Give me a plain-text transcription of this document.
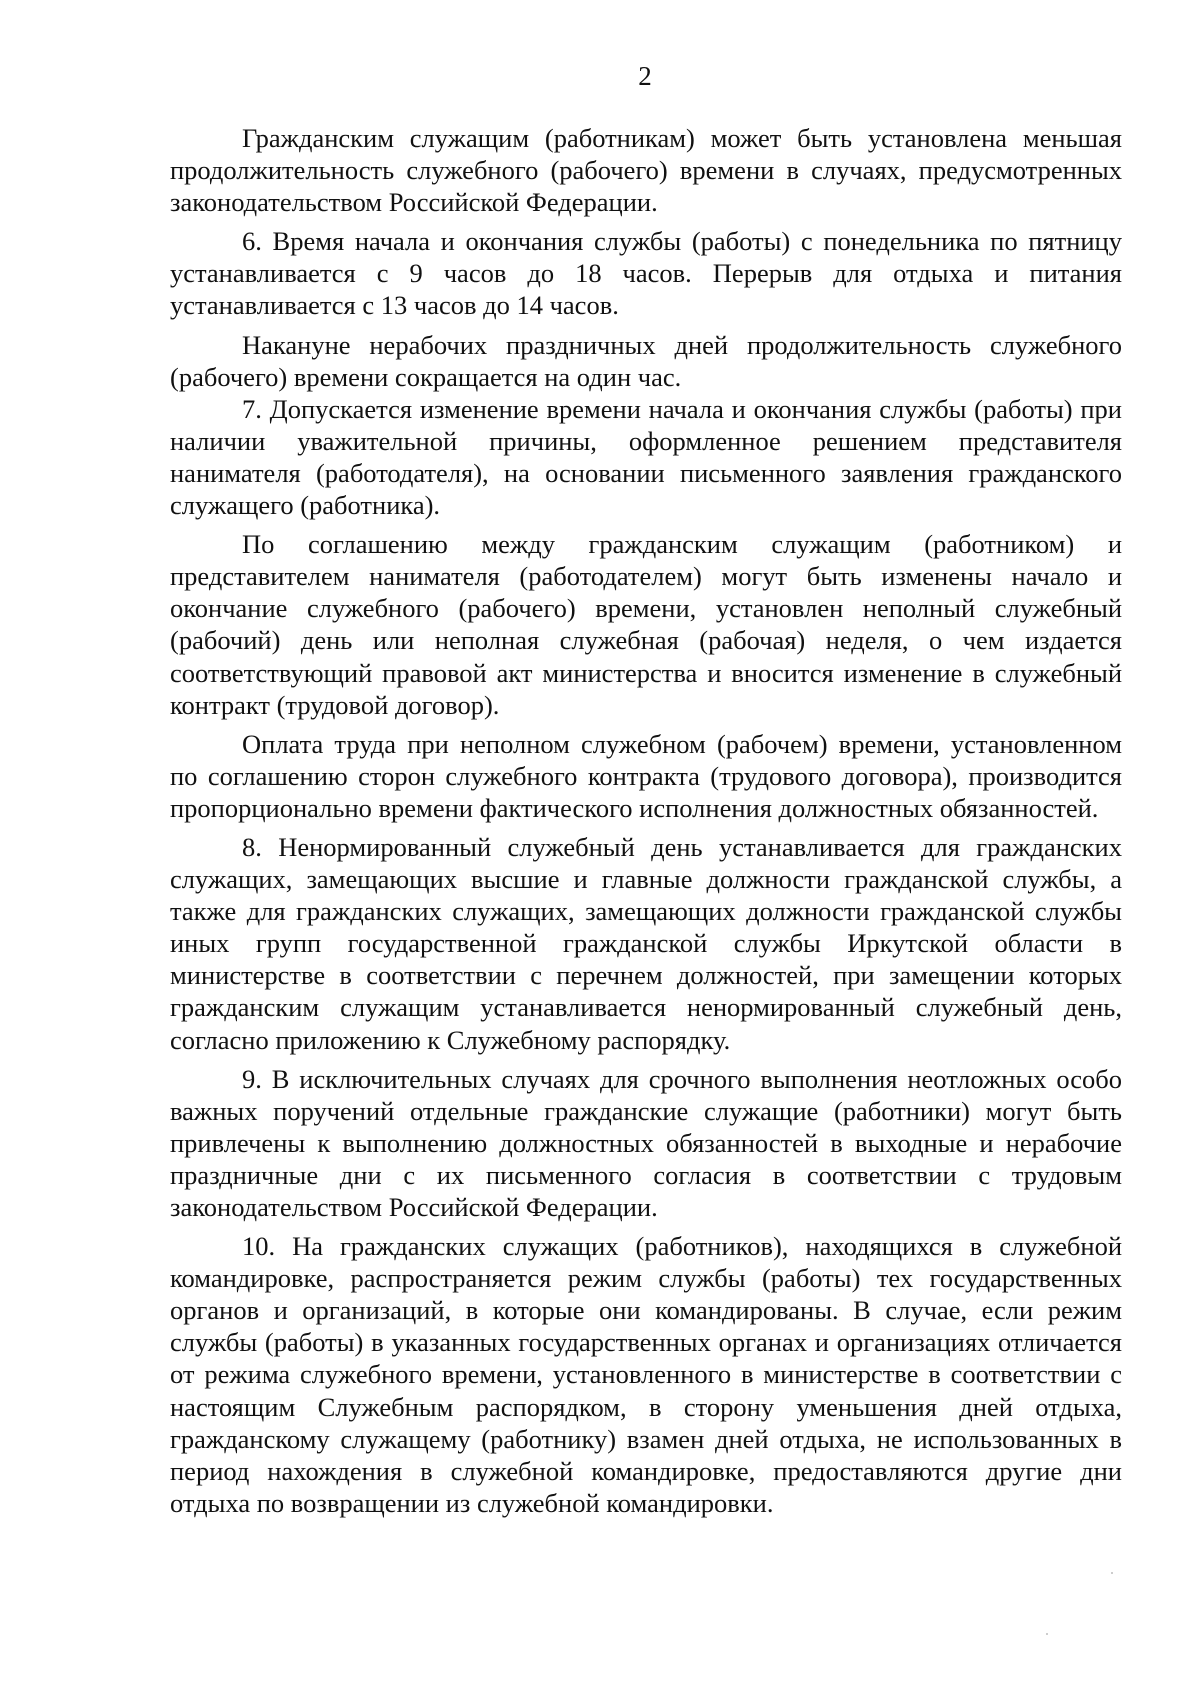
2

Гражданским служащим (работникам) может быть установлена меньшая продолжительность служебного (рабочего) времени в случаях, предусмотренных законодательством Российской Федерации.

6. Время начала и окончания службы (работы) с понедельника по пятницу устанавливается с 9 часов до 18 часов. Перерыв для отдыха и питания устанавливается с 13 часов до 14 часов.

Накануне нерабочих праздничных дней продолжительность служебного (рабочего) времени сокращается на один час.

7. Допускается изменение времени начала и окончания службы (работы) при наличии уважительной причины, оформленное решением представителя нанимателя (работодателя), на основании письменного заявления гражданского служащего (работника).

По соглашению между гражданским служащим (работником) и представителем нанимателя (работодателем) могут быть изменены начало и окончание служебного (рабочего) времени, установлен неполный служебный (рабочий) день или неполная служебная (рабочая) неделя, о чем издается соответствующий правовой акт министерства и вносится изменение в служебный контракт (трудовой договор).

Оплата труда при неполном служебном (рабочем) времени, установленном по соглашению сторон служебного контракта (трудового договора), производится пропорционально времени фактического исполнения должностных обязанностей.

8. Ненормированный служебный день устанавливается для гражданских служащих, замещающих высшие и главные должности гражданской службы, а также для гражданских служащих, замещающих должности гражданской службы иных групп государственной гражданской службы Иркутской области в министерстве в соответствии с перечнем должностей, при замещении которых гражданским служащим устанавливается ненормированный служебный день, согласно приложению к Служебному распорядку.

9. В исключительных случаях для срочного выполнения неотложных особо важных поручений отдельные гражданские служащие (работники) могут быть привлечены к выполнению должностных обязанностей в выходные и нерабочие праздничные дни с их письменного согласия в соответствии с трудовым законодательством Российской Федерации.

10. На гражданских служащих (работников), находящихся в служебной командировке, распространяется режим службы (работы) тех государственных органов и организаций, в которые они командированы. В случае, если режим службы (работы) в указанных государственных органах и организациях отличается от режима служебного времени, установленного в министерстве в соответствии с настоящим Служебным распорядком, в сторону уменьшения дней отдыха, гражданскому служащему (работнику) взамен дней отдыха, не использованных в период нахождения в служебной командировке, предоставляются другие дни отдыха по возвращении из служебной командировки.
